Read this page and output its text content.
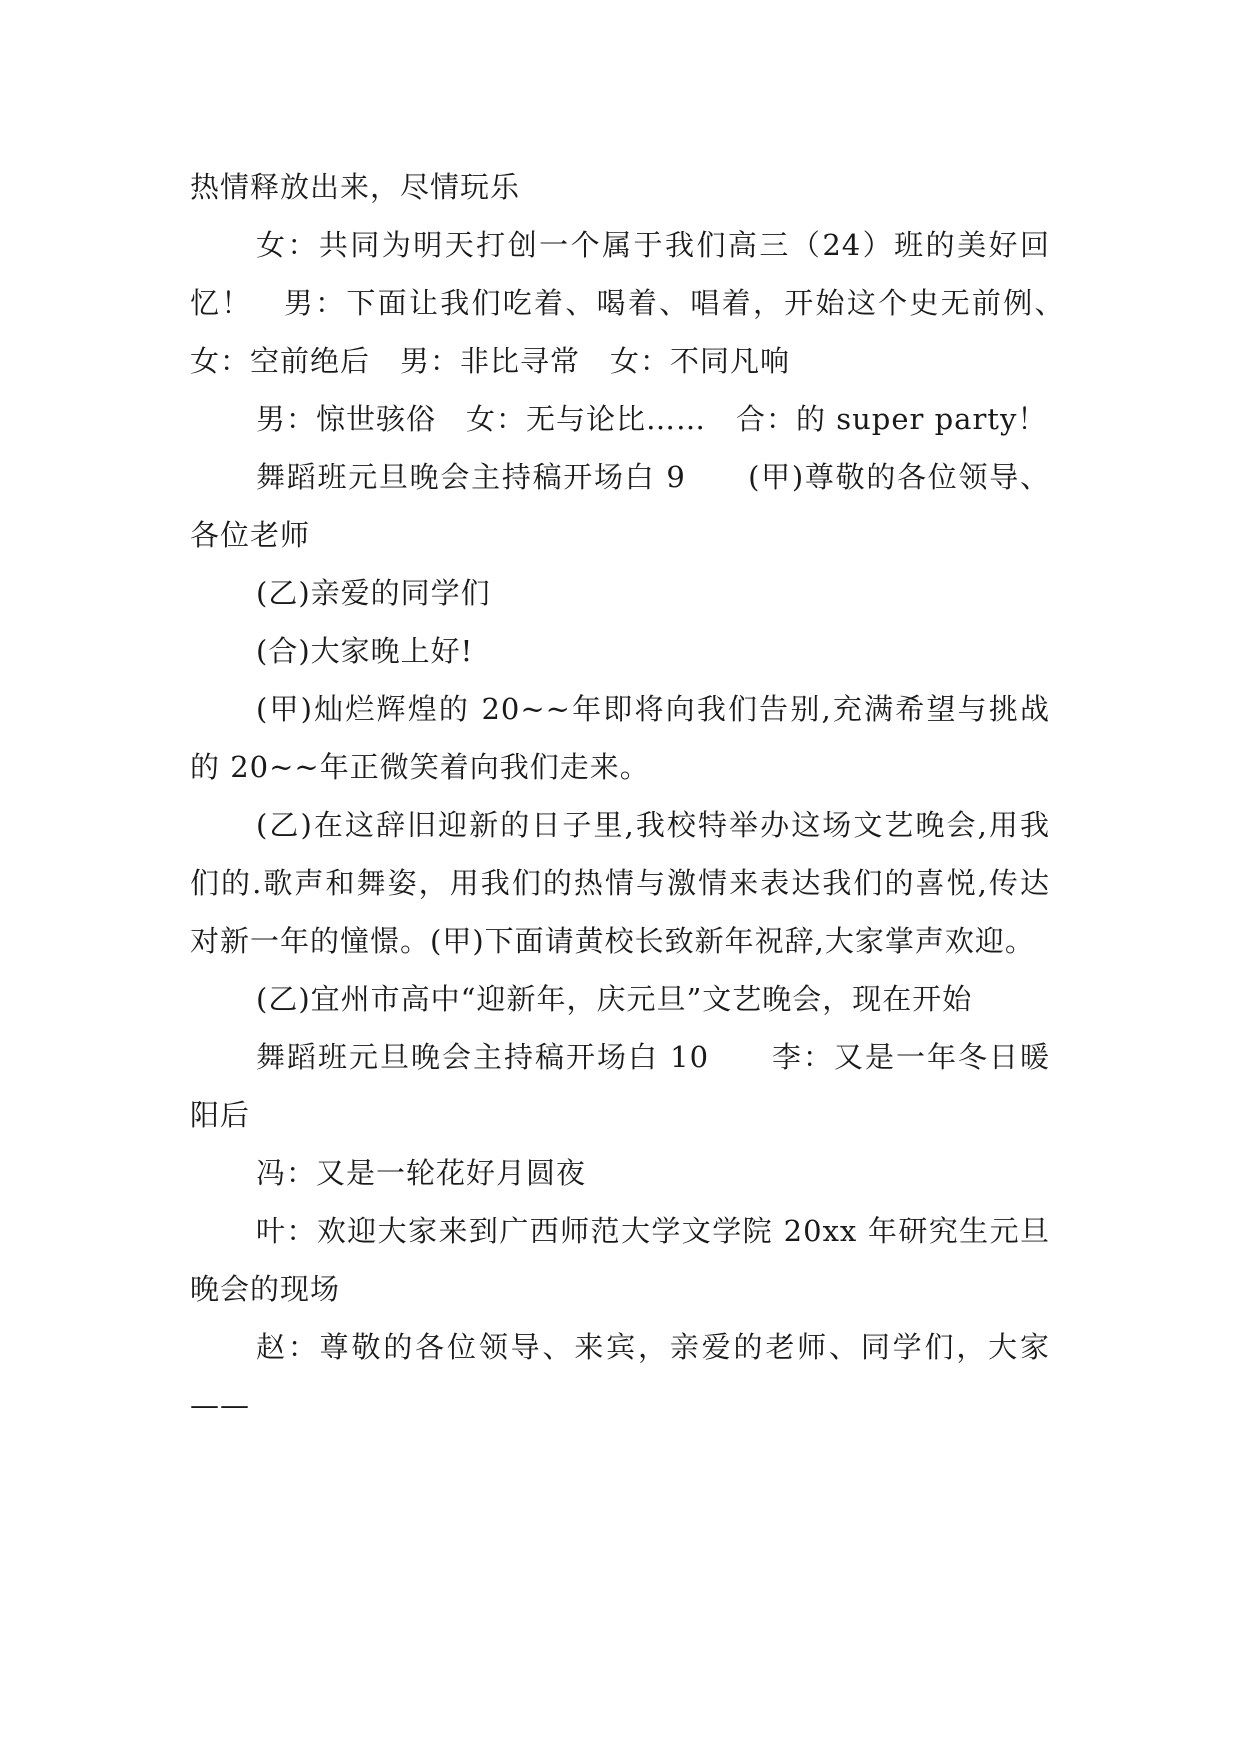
热情释放出来，尽情玩乐

女：共同为明天打创一个属于我们高三（24）班的美好回忆！　男：下面让我们吃着、喝着、唱着，开始这个史无前例、　女：空前绝后　男：非比寻常　女：不同凡响

男：惊世骇俗　女：无与论比……　合：的 super party！

舞蹈班元旦晚会主持稿开场白 9　　(甲)尊敬的各位领导、各位老师

(乙)亲爱的同学们

(合)大家晚上好!

(甲)灿烂辉煌的 20~~年即将向我们告别,充满希望与挑战的 20~~年正微笑着向我们走来。

(乙)在这辞旧迎新的日子里,我校特举办这场文艺晚会,用我们的.歌声和舞姿，用我们的热情与激情来表达我们的喜悦,传达对新一年的憧憬。(甲)下面请黄校长致新年祝辞,大家掌声欢迎。

(乙)宜州市高中“迎新年，庆元旦”文艺晚会，现在开始

舞蹈班元旦晚会主持稿开场白 10　　李：又是一年冬日暖阳后

冯：又是一轮花好月圆夜

叶：欢迎大家来到广西师范大学文学院 20xx 年研究生元旦晚会的现场

赵：尊敬的各位领导、来宾，亲爱的老师、同学们，大家——
